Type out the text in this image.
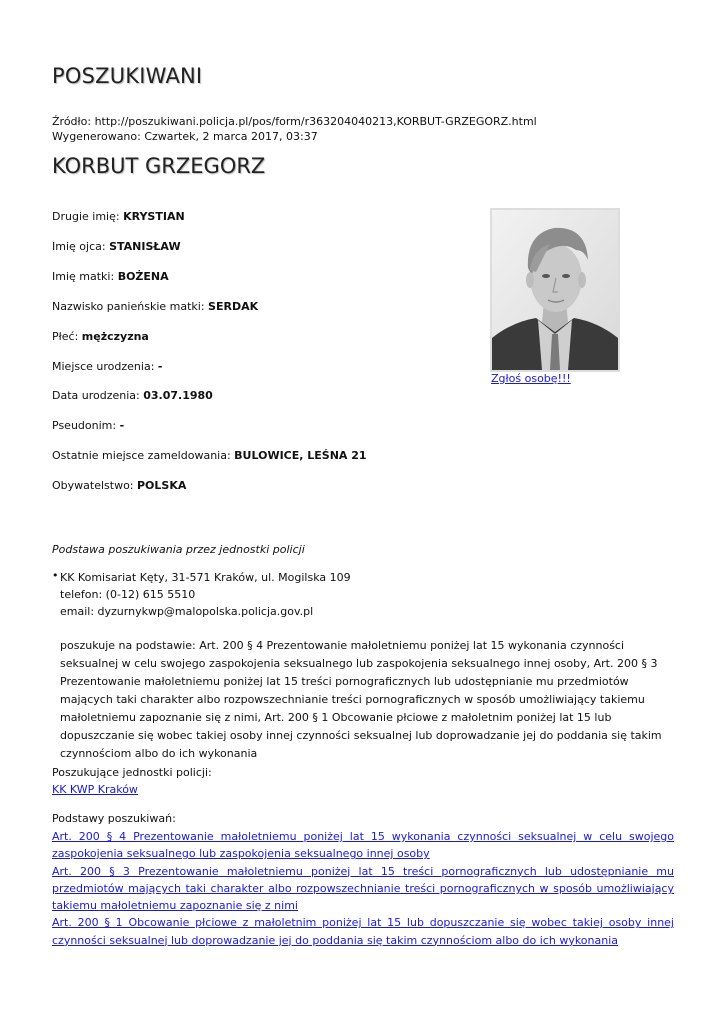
POSZUKIWANI
Źródło: http://poszukiwani.policja.pl/pos/form/r363204040213,KORBUT-GRZEGORZ.html
Wygenerowano: Czwartek, 2 marca 2017, 03:37
KORBUT GRZEGORZ
Drugie imię: KRYSTIAN
Imię ojca: STANISŁAW
Imię matki: BOŻENA
Nazwisko panieńskie matki: SERDAK
Płeć: mężczyzna
Miejsce urodzenia: -
Data urodzenia: 03.07.1980
Pseudonim: -
Ostatnie miejsce zameldowania: BULOWICE, LEŚNA 21
Obywatelstwo: POLSKA
Zgłoś osobę!!!
Podstawa poszukiwania przez jednostki policji
• KK Komisariat Kęty, 31-571 Kraków, ul. Mogilska 109
telefon: (0-12) 615 5510
email: dyzurnykwp@malopolska.policja.gov.pl
poszukuje na podstawie: Art. 200 § 4 Prezentowanie małoletniemu poniżej lat 15 wykonania czynności seksualnej w celu swojego zaspokojenia seksualnego lub zaspokojenia seksualnego innej osoby, Art. 200 § 3 Prezentowanie małoletniemu poniżej lat 15 treści pornograficznych lub udostępnianie mu przedmiotów mających taki charakter albo rozpowszechnianie treści pornograficznych w sposób umożliwiający takiemu małoletniemu zapoznanie się z nimi, Art. 200 § 1 Obcowanie płciowe z małoletnim poniżej lat 15 lub dopuszczanie się wobec takiej osoby innej czynności seksualnej lub doprowadzanie jej do poddania się takim czynnościom albo do ich wykonania
Poszukujące jednostki policji:
KK KWP Kraków
Podstawy poszukiwań:
Art. 200 § 4 Prezentowanie małoletniemu poniżej lat 15 wykonania czynności seksualnej w celu swojego zaspokojenia seksualnego lub zaspokojenia seksualnego innej osoby
Art. 200 § 3 Prezentowanie małoletniemu poniżej lat 15 treści pornograficznych lub udostępnianie mu przedmiotów mających taki charakter albo rozpowszechnianie treści pornograficznych w sposób umożliwiający takiemu małoletniemu zapoznanie się z nimi
Art. 200 § 1 Obcowanie płciowe z małoletnim poniżej lat 15 lub dopuszczanie się wobec takiej osoby innej czynności seksualnej lub doprowadzanie jej do poddania się takim czynnościom albo do ich wykonania
